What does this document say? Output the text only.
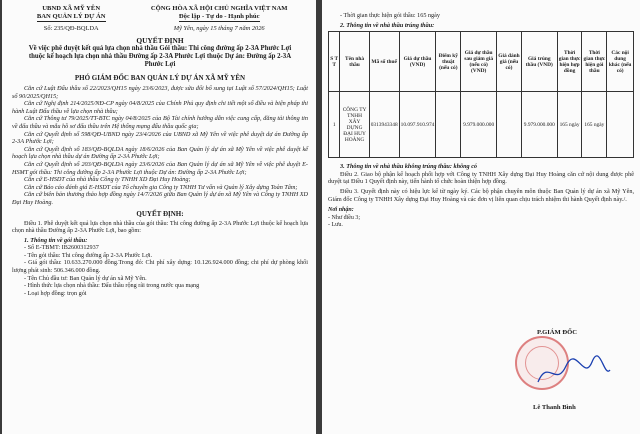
UBND XÃ MỸ YÊN
BAN QUẢN LÝ DỰ ÁN
CỘNG HÒA XÃ HỘI CHỦ NGHĨA VIỆT NAM
Độc lập - Tự do - Hạnh phúc
Số: 235/QĐ-BQLDA	Mỹ Yên, ngày 15 tháng 7 năm 2026
QUYẾT ĐỊNH
Về việc phê duyệt kết quả lựa chọn nhà thầu Gói thầu: Thi công đường ấp 2-3A Phước Lợi thuộc kế hoạch lựa chọn nhà thầu Đường ấp 2-3A Phước Lợi thuộc Dự án: Đường ấp 2-3A Phước Lợi
PHÓ GIÁM ĐỐC BAN QUẢN LÝ DỰ ÁN XÃ MỸ YÊN
Căn cứ Luật Đấu thầu số 22/2023/QH15 ngày 23/6/2023, được sửa đổi bổ sung tại Luật số 57/2024/QH15; Luật số 90/2025/QH15;
Căn cứ Nghị định 214/2025/NĐ-CP ngày 04/8/2025 của Chính Phủ quy định chi tiết một số điều và biện pháp thi hành Luật Đấu thầu về lựa chọn nhà thầu;
Căn cứ Thông tư 79/2025/TT-BTC ngày 04/8/2025 của Bộ Tài chính hướng dẫn việc cung cấp, đăng tải thông tin về đấu thầu và mẫu hồ sơ đấu thầu trên Hệ thống mạng đấu thầu quốc gia;
Căn cứ Quyết định số 598/QĐ-UBND ngày 23/4/2026 của UBND xã Mỹ Yên về việc phê duyệt dự án Đường ấp 2-3A Phước Lợi;
Căn cứ Quyết định số 183/QĐ-BQLDA ngày 18/6/2026 của Ban Quản lý dự án xã Mỹ Yên về việc phê duyệt kế hoạch lựa chọn nhà thầu dự án Đường ấp 2-3A Phước Lợi;
Căn cứ Quyết định số 203/QĐ-BQLDA ngày 23/6/2026 của Ban Quản lý dự án xã Mỹ Yên về việc phê duyệt E-HSMT gói thầu: Thi công đường ấp 2-3A Phước Lợi thuộc Dự án: Đường ấp 2-3A Phước Lợi;
Căn cứ E-HSDT của nhà thầu Công ty TNHH XD Đại Huy Hoàng;
Căn cứ Báo cáo đánh giá E-HSDT của Tổ chuyên gia Công ty TNHH Tư vấn và Quản lý Xây dựng Toàn Tâm;
Căn cứ biên bản thương thảo hợp đồng ngày 14/7/2026 giữa Ban Quản lý dự án xã Mỹ Yên và Công ty TNHH XD Đại Huy Hoàng.
QUYẾT ĐỊNH:
Điều 1. Phê duyệt kết quả lựa chọn nhà thầu của gói thầu: Thi công đường ấp 2-3A Phước Lợi thuộc kế hoạch lựa chọn nhà thầu Đường ấp 2-3A Phước Lợi, bao gồm:
1. Thông tin về gói thầu:
- Số E-TBMT: IB2600312937
- Tên gói thầu: Thi công đường ấp 2-3A Phước Lợi.
- Giá gói thầu: 10.633.270.000 đồng.Trong đó: Chi phí xây dựng: 10.126.924.000 đồng; chi phí dự phòng khối lượng phát sinh: 506.346.000 đồng.
- Tên Chủ đầu tư: Ban Quản lý dự án xã Mỹ Yên.
- Hình thức lựa chọn nhà thầu: Đấu thầu rộng rãi trong nước qua mạng
- Loại hợp đồng: trọn gói
- Thời gian thực hiện gói thầu: 165 ngày
2. Thông tin về nhà thầu trúng thầu:
S T T	Tên nhà thầu	Mã số thuế	Giá dự thầu (VND)	Điểm kỹ thuật (nếu có)	Giá dự thầu sau giảm giá (nếu có) (VND)	Giá đánh giá (nếu có)	Giá trúng thầu (VND)	Thời gian thực hiện hợp đồng	Thời gian thực hiện gói thầu	Các nội dung khác (nếu có)
1	CÔNG TY TNHH XÂY DỰNG ĐẠI HUY HOÀNG	0313943348	10.097.910.974		9.979.000.000		9.979.000.000	165 ngày	165 ngày	
3. Thông tin về nhà thầu không trúng thầu: không có
Điều 2. Giao bộ phận kế hoạch phối hợp với Công ty TNHH Xây dựng Đại Huy Hoàng căn cứ nội dung được phê duyệt tại Điều 1 Quyết định này, tiến hành tổ chức hoàn thiện hợp đồng.
Điều 3. Quyết định này có hiệu lực kể từ ngày ký. Các bộ phận chuyên môn thuộc Ban Quản lý dự án xã Mỹ Yên, Giám đốc Công ty TNHH Xây dựng Đại Huy Hoàng và các đơn vị liên quan chịu trách nhiệm thi hành Quyết định này./.
Nơi nhận:
- Như điều 3;
- Lưu.
P.GIÁM ĐỐC
Lê Thanh Bình
